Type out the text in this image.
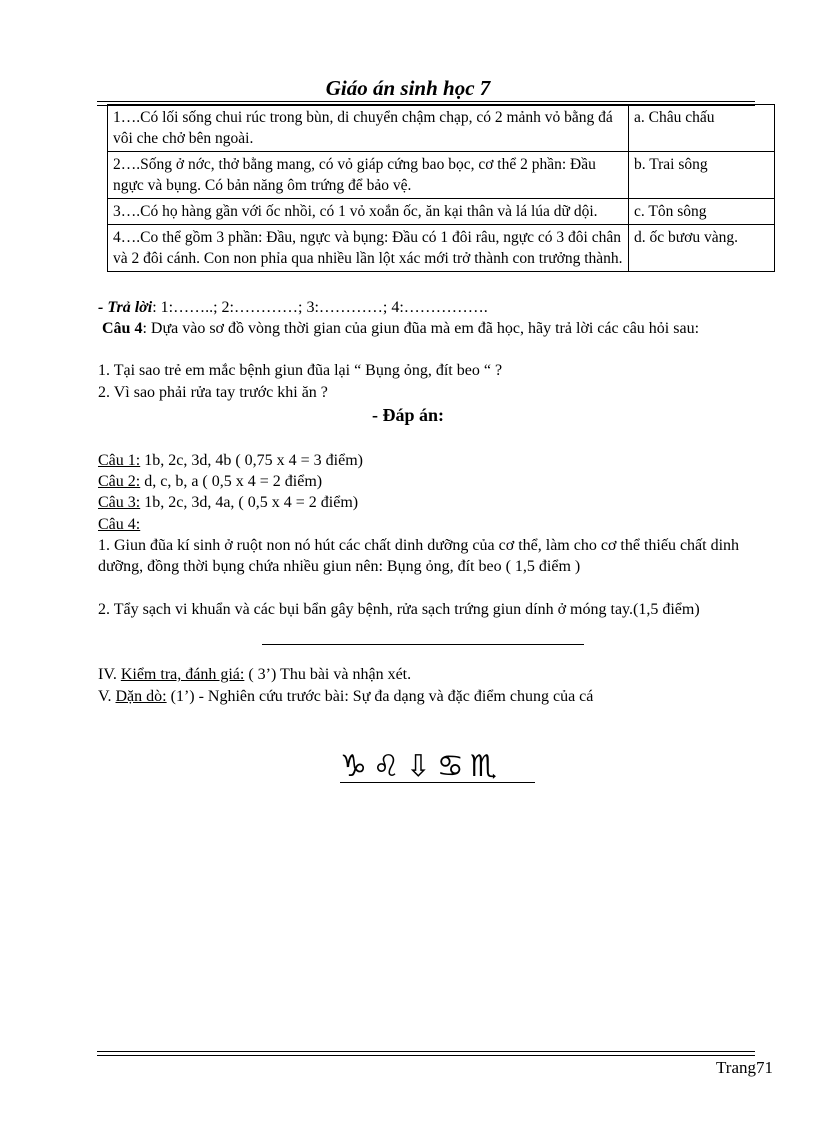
Giáo án sinh học 7
1….Có lối sống chui rúc trong bùn, di chuyển chậm chạp, có 2 mảnh vỏ bằng đá vôi che chở bên ngoài.	a. Châu chấu
2….Sống ở nớc, thở bằng mang, có vỏ giáp cứng bao bọc, cơ thể 2 phần: Đầu ngực và bụng. Có bản năng ôm trứng để bảo vệ.	b. Trai sông
3….Có họ hàng gần với ốc nhồi, có 1 vỏ xoắn ốc, ăn kại thân và lá lúa dữ dội.	c. Tôn sông
4….Co thể gồm 3 phần: Đầu, ngực và bụng: Đầu có 1 đôi râu, ngực có 3 đôi chân và 2 đôi cánh. Con non phỉa qua nhiều lần lột xác mới trở thành con trưởng thành.	d. ốc bươu vàng.
- Trả lời: 1:……..; 2:…………; 3:…………; 4:…………….
Câu 4: Dựa vào sơ đồ vòng thời gian của giun đũa mà em đã học, hãy trả lời các câu hỏi sau:
1. Tại sao trẻ em mắc bệnh giun đũa lại “ Bụng ỏng, đít beo “ ?
2. Vì sao phải rửa tay trước khi ăn ?
- Đáp án:
Câu 1: 1b, 2c, 3d, 4b ( 0,75 x 4 = 3 điểm)
Câu 2: d, c, b, a ( 0,5 x 4 = 2 điểm)
Câu 3: 1b, 2c, 3d, 4a, ( 0,5 x 4 = 2 điểm)
Câu 4:
1. Giun đũa kí sinh ở ruột non nó hút các chất dinh dưỡng của cơ thể, làm cho cơ thể thiếu chất dinh dưỡng, đồng thời bụng chứa nhiều giun nên: Bụng ỏng, đít beo ( 1,5 điểm )
2. Tẩy sạch vi khuẩn và các bụi bẩn gây bệnh, rửa sạch trứng giun dính ở móng tay.(1,5 điểm)
IV. Kiểm tra, đánh giá: ( 3’) Thu bài và nhận xét.
V. Dặn dò: (1’) - Nghiên cứu trước bài: Sự đa dạng và đặc điểm chung của cá
♑♌⇩♋♏
Trang71
